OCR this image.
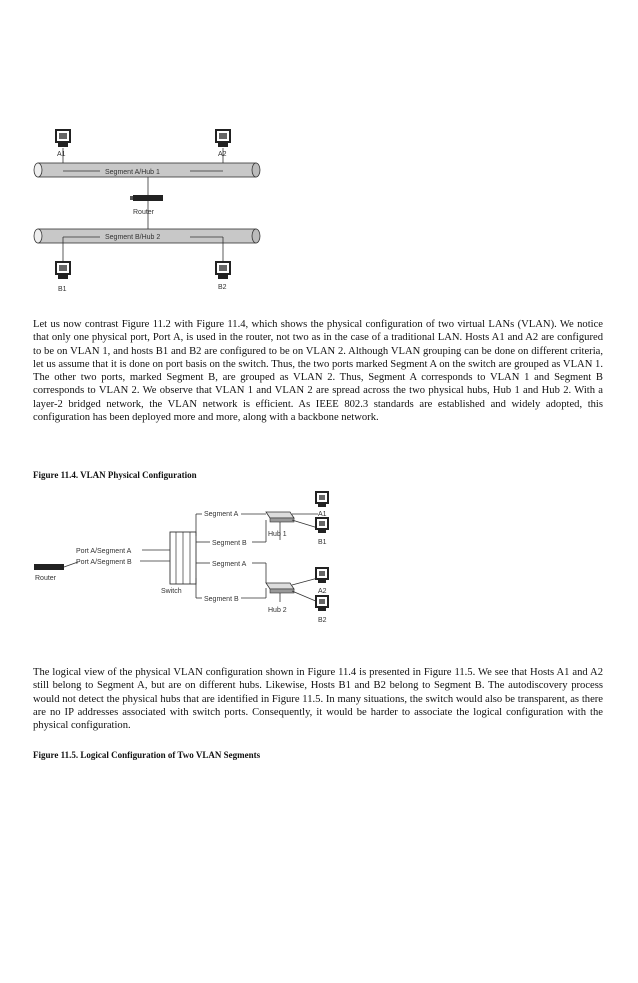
A1	A2
Segment A/Hub 1
Router
Segment B/Hub 2
B1	B2

Let us now contrast Figure 11.2 with Figure 11.4, which shows the physical configuration of two virtual LANs (VLAN). We notice that only one physical port, Port A, is used in the router, not two as in the case of a traditional LAN. Hosts A1 and A2 are configured to be on VLAN 1, and hosts B1 and B2 are configured to be on VLAN 2. Although VLAN grouping can be done on different criteria, let us assume that it is done on port basis on the switch. Thus, the two ports marked Segment A on the switch are grouped as VLAN 1. The other two ports, marked Segment B, are grouped as VLAN 2. Thus, Segment A corresponds to VLAN 1 and Segment B corresponds to VLAN 2. We observe that VLAN 1 and VLAN 2 are spread across the two physical hubs, Hub 1 and Hub 2. With a layer-2 bridged network, the VLAN network is efficient. As IEEE 802.3 standards are established and widely adopted, this configuration has been deployed more and more, along with a backbone network.

Figure 11.4. VLAN Physical Configuration
Router
Port A/Segment A
Port A/Segment B
Switch
Segment A
Segment B
Segment A
Segment B
Hub 1
Hub 2
A1
B1
A2
B2

The logical view of the physical VLAN configuration shown in Figure 11.4 is presented in Figure 11.5. We see that Hosts A1 and A2 still belong to Segment A, but are on different hubs. Likewise, Hosts B1 and B2 belong to Segment B. The autodiscovery process would not detect the physical hubs that are identified in Figure 11.5. In many situations, the switch would also be transparent, as there are no IP addresses associated with switch ports. Consequently, it would be harder to associate the logical configuration with the physical configuration.

Figure 11.5. Logical Configuration of Two VLAN Segments
